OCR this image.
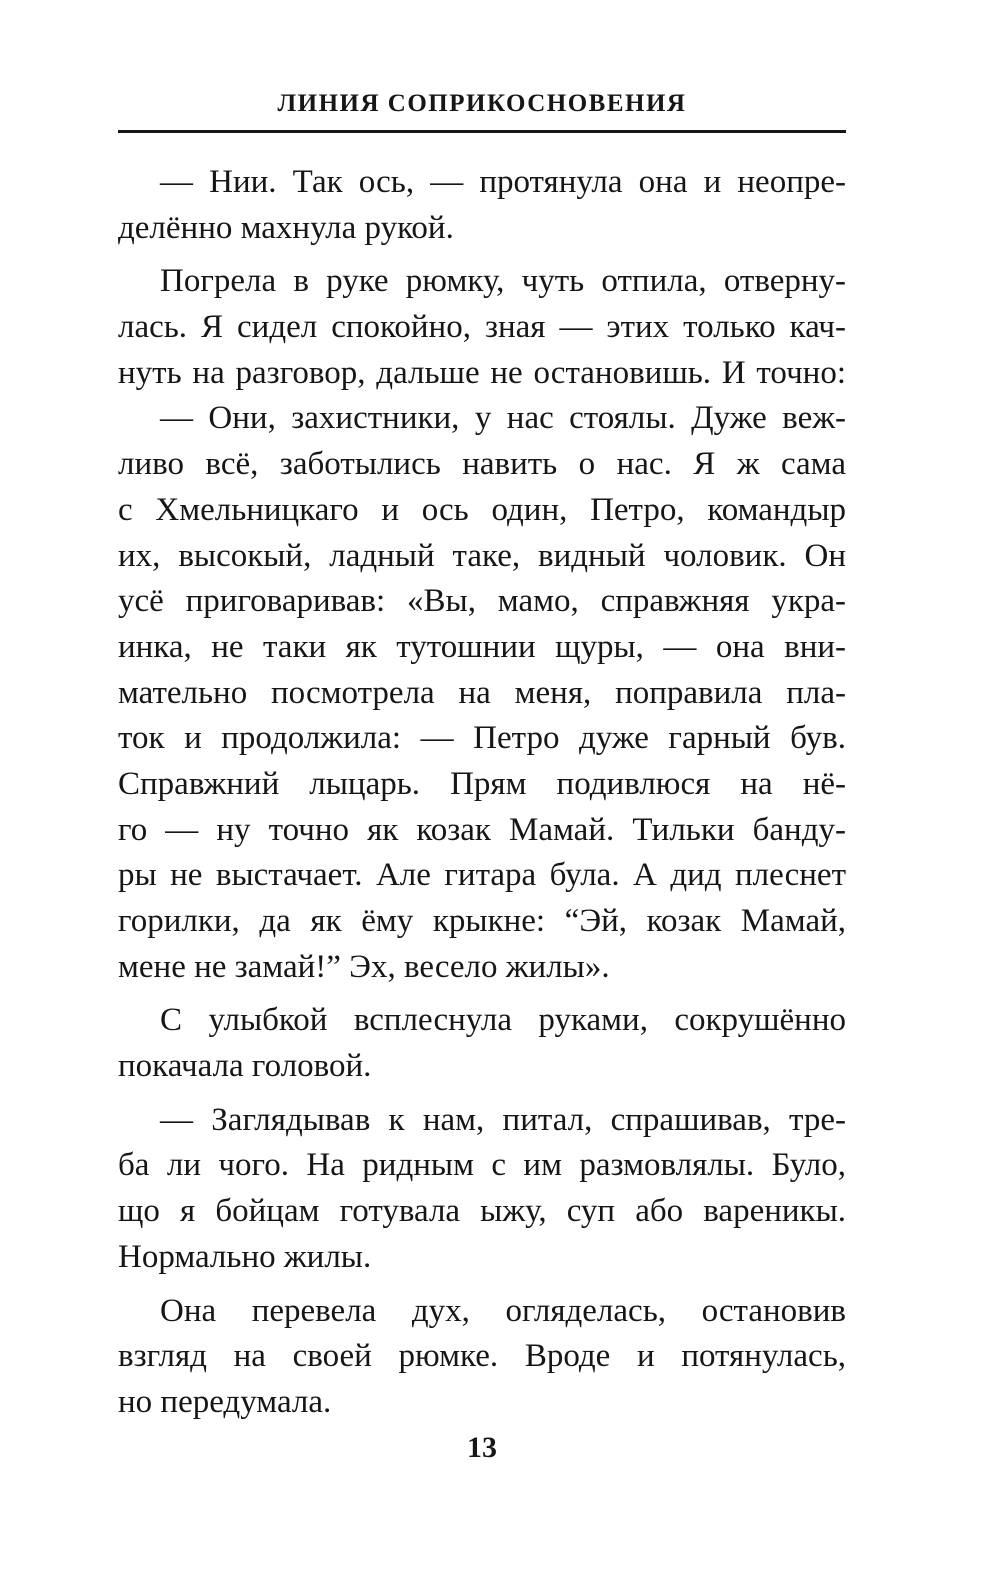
ЛИНИЯ СОПРИКОСНОВЕНИЯ
— Нии. Так ось, — протянула она и неопре-
делённо махнула рукой.
Погрела в руке рюмку, чуть отпила, отверну-
лась. Я сидел спокойно, зная — этих только кач-
нуть на разговор, дальше не остановишь. И точно:
— Они, захистники, у нас стоялы. Дуже веж-
ливо всё, заботылись навить о нас. Я ж сама
с Хмельницкаго и ось один, Петро, командыр
их, высокый, ладный таке, видный чоловик. Он
усё приговаривав: «Вы, мамо, справжняя укра-
инка, не таки як тутошнии щуры, — она вни-
мательно посмотрела на меня, поправила пла-
ток и продолжила: — Петро дуже гарный був.
Справжний лыцарь. Прям подивлюся на нё-
го — ну точно як козак Мамай. Тильки банду-
ры не выстачает. Але гитара була. А дид плеснет
горилки, да як ёму крыкне: “Эй, козак Мамай,
мене не замай!” Эх, весело жилы».
С улыбкой всплеснула руками, сокрушённо
покачала головой.
— Заглядывав к нам, питал, спрашивав, тре-
ба ли чого. На ридным с им размовлялы. Було,
що я бойцам готувала ыжу, суп або вареникы.
Нормально жилы.
Она перевела дух, огляделась, остановив
взгляд на своей рюмке. Вроде и потянулась,
но передумала.
13
